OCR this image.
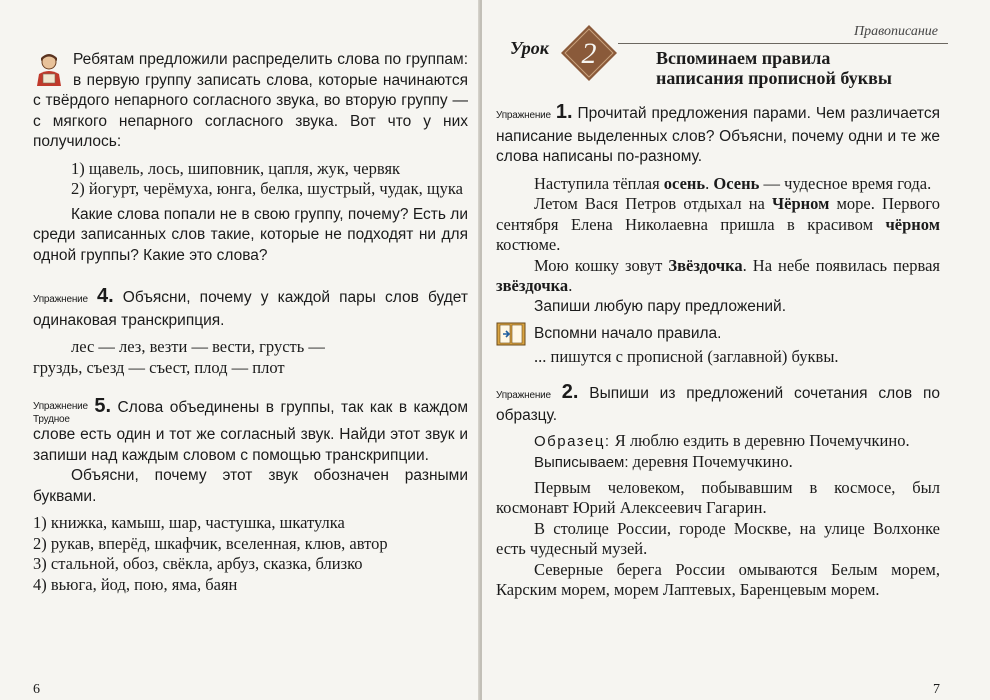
Ребятам предложили распределить слова по группам: в первую группу записать слова, которые начинаются с твёрдого непарного согласного звука, во вторую группу — с мягкого непарного согласного звука. Вот что у них получилось:

1) щавель, лось, шиповник, цапля, жук, червяк

2) йогурт, черёмуха, юнга, белка, шустрый, чудак, щука

Какие слова попали не в свою группу, почему? Есть ли среди записанных слов такие, которые не подходят ни для одной группы? Какие это слова?

Упражнение 4. Объясни, почему у каждой пары слов будет одинаковая транскрипция.

лес — лез, везти — вести, грусть —

груздь, съезд — съест, плод — плот

Упражнение
Трудное 5. Слова объединены в группы, так как в каждом слове есть один и тот же согласный звук. Найди этот звук и запиши над каждым словом с помощью транскрипции.

Объясни, почему этот звук обозначен разными буквами.

1) книжка, камыш, шар, частушка, шкатулка

2) рукав, вперёд, шкафчик, вселенная, клюв, автор

3) стальной, обоз, свёкла, арбуз, сказка, близко

4) вьюга, йод, пою, яма, баян

6
Правописание
Урок 2	Вспоминаем правила
написания прописной буквы

Упражнение 1. Прочитай предложения парами. Чем различается написание выделенных слов? Объясни, почему одни и те же слова написаны по-разному.

Наступила тёплая осень. Осень — чудесное время года.

Летом Вася Петров отдыхал на Чёрном море. Первого сентября Елена Николаевна пришла в красивом чёрном костюме.

Мою кошку зовут Звёздочка. На небе появилась первая звёздочка.

Запиши любую пару предложений.

Вспомни начало правила.

... пишутся с прописной (заглавной) буквы.

Упражнение 2. Выпиши из предложений сочетания слов по образцу.

Образец: Я люблю ездить в деревню Почемучкино.

Выписываем: деревня Почемучкино.

Первым человеком, побывавшим в космосе, был космонавт Юрий Алексеевич Гагарин.

В столице России, городе Москве, на улице Волхонке есть чудесный музей.

Северные берега России омываются Белым морем, Карским морем, морем Лаптевых, Баренцевым морем.

7
